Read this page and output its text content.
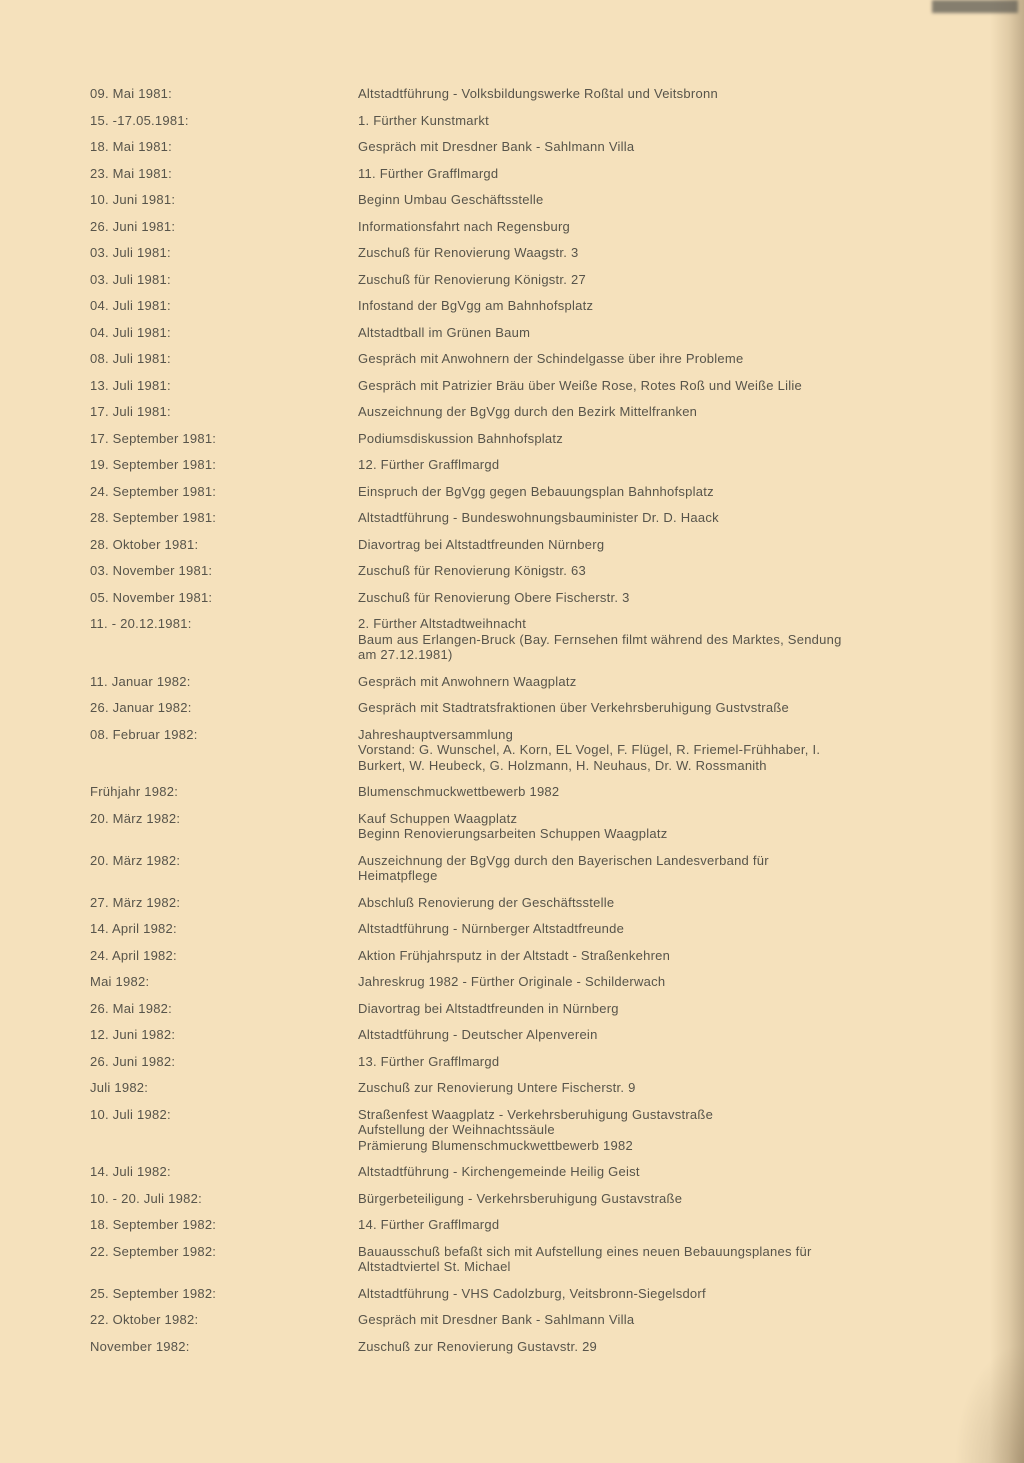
09. Mai 1981:	Altstadtführung - Volksbildungswerke Roßtal und Veitsbronn
15. -17.05.1981:	1. Fürther Kunstmarkt
18. Mai 1981:	Gespräch mit Dresdner Bank - Sahlmann Villa
23. Mai 1981:	11. Fürther Grafflmargd
10. Juni 1981:	Beginn Umbau Geschäftsstelle
26. Juni 1981:	Informationsfahrt nach Regensburg
03. Juli 1981:	Zuschuß für Renovierung Waagstr. 3
03. Juli 1981:	Zuschuß für Renovierung Königstr. 27
04. Juli 1981:	Infostand der BgVgg am Bahnhofsplatz
04. Juli 1981:	Altstadtball im Grünen Baum
08. Juli 1981:	Gespräch mit Anwohnern der Schindelgasse über ihre Probleme
13. Juli 1981:	Gespräch mit Patrizier Bräu über Weiße Rose, Rotes Roß und Weiße Lilie
17. Juli 1981:	Auszeichnung der BgVgg durch den Bezirk Mittelfranken
17. September 1981:	Podiumsdiskussion Bahnhofsplatz
19. September 1981:	12. Fürther Grafflmargd
24. September 1981:	Einspruch der BgVgg gegen Bebauungsplan Bahnhofsplatz
28. September 1981:	Altstadtführung - Bundeswohnungsbauminister Dr. D. Haack
28. Oktober 1981:	Diavortrag bei Altstadtfreunden Nürnberg
03. November 1981:	Zuschuß für Renovierung Königstr. 63
05. November 1981:	Zuschuß für Renovierung Obere Fischerstr. 3
11. - 20.12.1981:	2. Fürther Altstadtweihnacht
Baum aus Erlangen-Bruck (Bay. Fernsehen filmt während des Marktes, Sendung
am 27.12.1981)
11. Januar 1982:	Gespräch mit Anwohnern Waagplatz
26. Januar 1982:	Gespräch mit Stadtratsfraktionen über Verkehrsberuhigung Gustvstraße
08. Februar 1982:	Jahreshauptversammlung
Vorstand: G. Wunschel, A. Korn, EL Vogel, F. Flügel, R. Friemel-Frühhaber, I.
Burkert, W. Heubeck, G. Holzmann, H. Neuhaus, Dr. W. Rossmanith
Frühjahr 1982:	Blumenschmuckwettbewerb 1982
20. März 1982:	Kauf Schuppen Waagplatz
Beginn Renovierungsarbeiten Schuppen Waagplatz
20. März 1982:	Auszeichnung der BgVgg durch den Bayerischen Landesverband für
Heimatpflege
27. März 1982:	Abschluß Renovierung der Geschäftsstelle
14. April 1982:	Altstadtführung - Nürnberger Altstadtfreunde
24. April 1982:	Aktion Frühjahrsputz in der Altstadt - Straßenkehren
Mai 1982:	Jahreskrug 1982 - Fürther Originale - Schilderwach
26. Mai 1982:	Diavortrag bei Altstadtfreunden in Nürnberg
12. Juni 1982:	Altstadtführung - Deutscher Alpenverein
26. Juni 1982:	13. Fürther Grafflmargd
Juli 1982:	Zuschuß zur Renovierung Untere Fischerstr. 9
10. Juli 1982:	Straßenfest Waagplatz - Verkehrsberuhigung Gustavstraße
Aufstellung der Weihnachtssäule
Prämierung Blumenschmuckwettbewerb 1982
14. Juli 1982:	Altstadtführung - Kirchengemeinde Heilig Geist
10. - 20. Juli 1982:	Bürgerbeteiligung - Verkehrsberuhigung Gustavstraße
18. September 1982:	14. Fürther Grafflmargd
22. September 1982:	Bauausschuß befaßt sich mit Aufstellung eines neuen Bebauungsplanes für
Altstadtviertel St. Michael
25. September 1982:	Altstadtführung - VHS Cadolzburg, Veitsbronn-Siegelsdorf
22. Oktober 1982:	Gespräch mit Dresdner Bank - Sahlmann Villa
November 1982:	Zuschuß zur Renovierung Gustavstr. 29
